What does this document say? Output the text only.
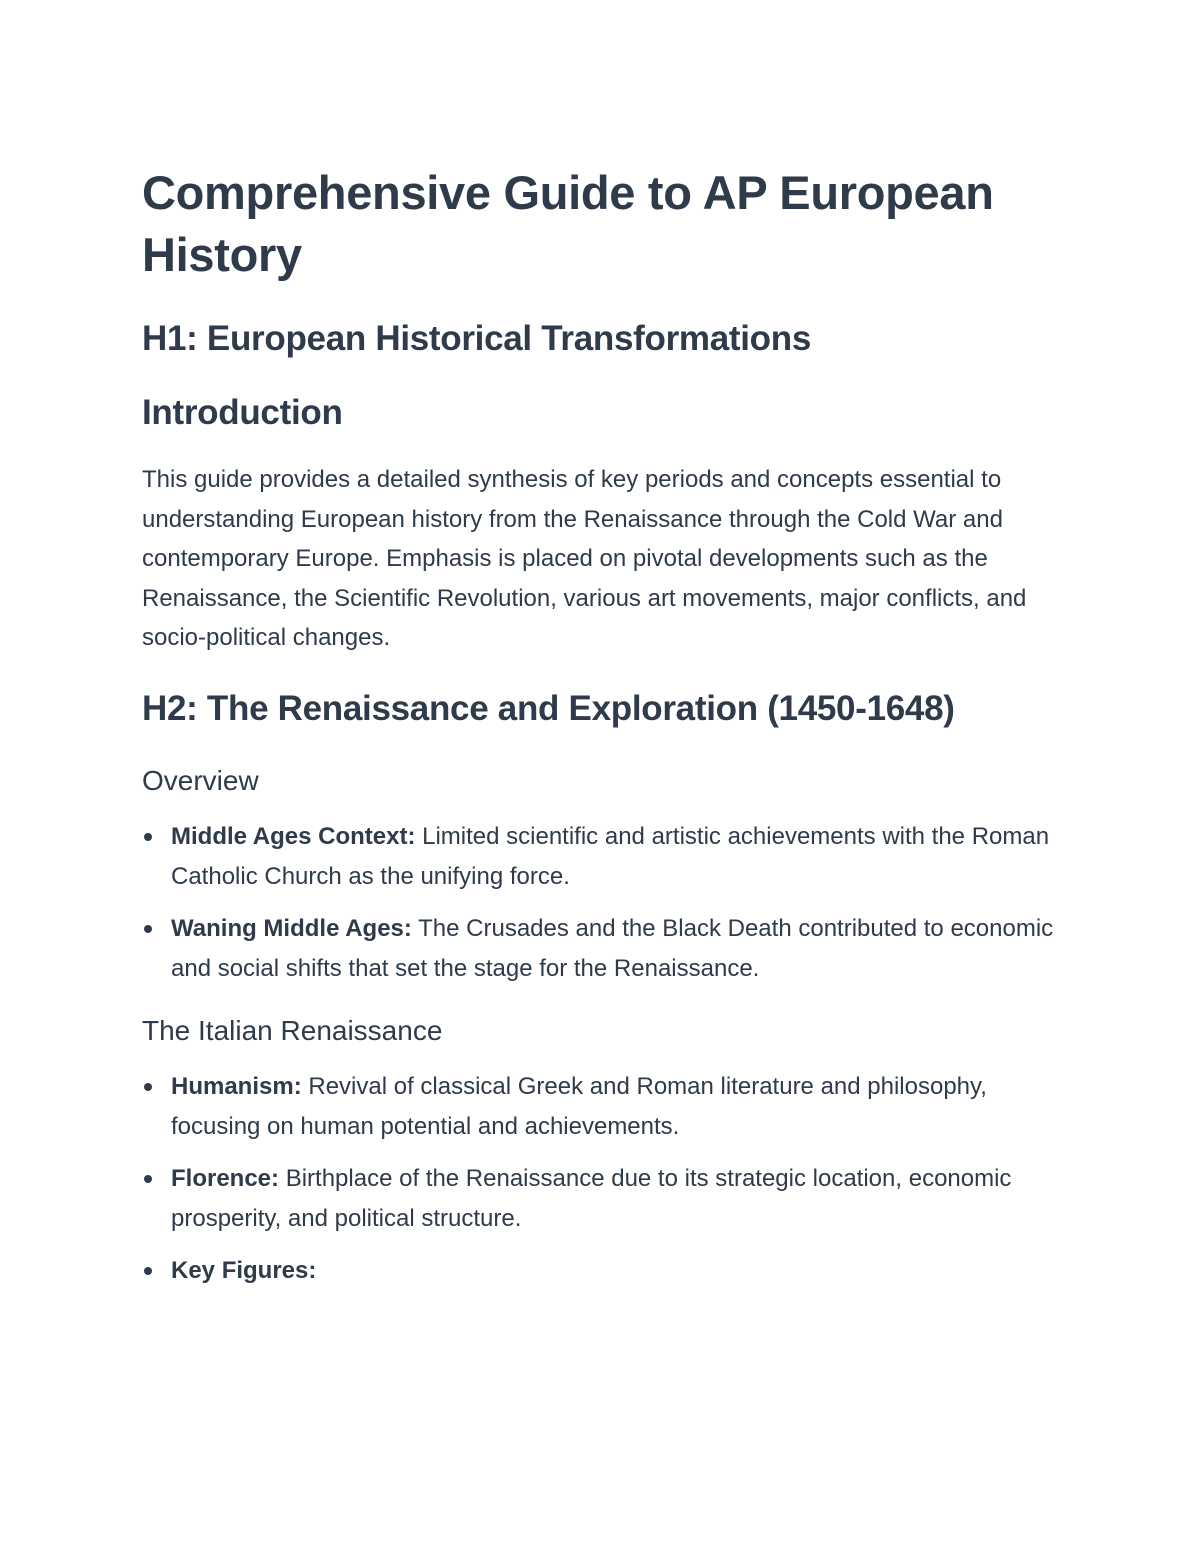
Comprehensive Guide to AP European History
H1: European Historical Transformations
Introduction

This guide provides a detailed synthesis of key periods and concepts essential to understanding European history from the Renaissance through the Cold War and contemporary Europe. Emphasis is placed on pivotal developments such as the Renaissance, the Scientific Revolution, various art movements, major conflicts, and socio-political changes.

H2: The Renaissance and Exploration (1450-1648)
Overview
Middle Ages Context: Limited scientific and artistic achievements with the Roman Catholic Church as the unifying force.
Waning Middle Ages: The Crusades and the Black Death contributed to economic and social shifts that set the stage for the Renaissance.
The Italian Renaissance
Humanism: Revival of classical Greek and Roman literature and philosophy, focusing on human potential and achievements.
Florence: Birthplace of the Renaissance due to its strategic location, economic prosperity, and political structure.
Key Figures:
